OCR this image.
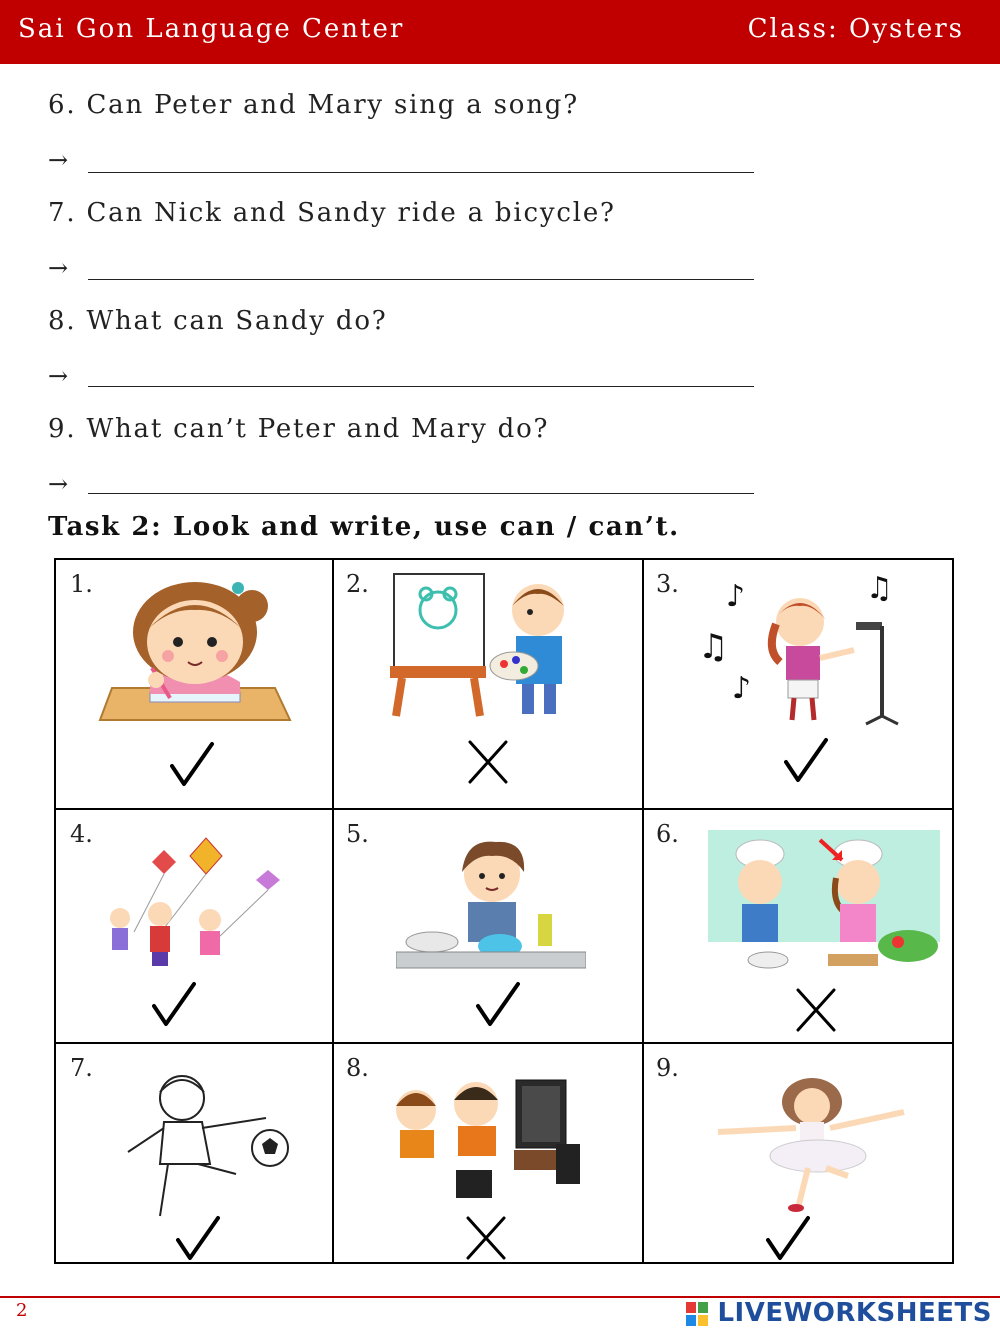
Sai Gon Language Center	Class: Oysters
6. Can Peter and Mary sing a song?
→
7. Can Nick and Sandy ride a bicycle?
→
8. What can Sandy do?
→
9. What can’t Peter and Mary do?
→
Task 2: Look and write, use can / can’t.
1.	2.	3. ♪	♫
♫
♪
4.	5.	6.
7.	8.	9.
2	LIVEWORKSHEETS
